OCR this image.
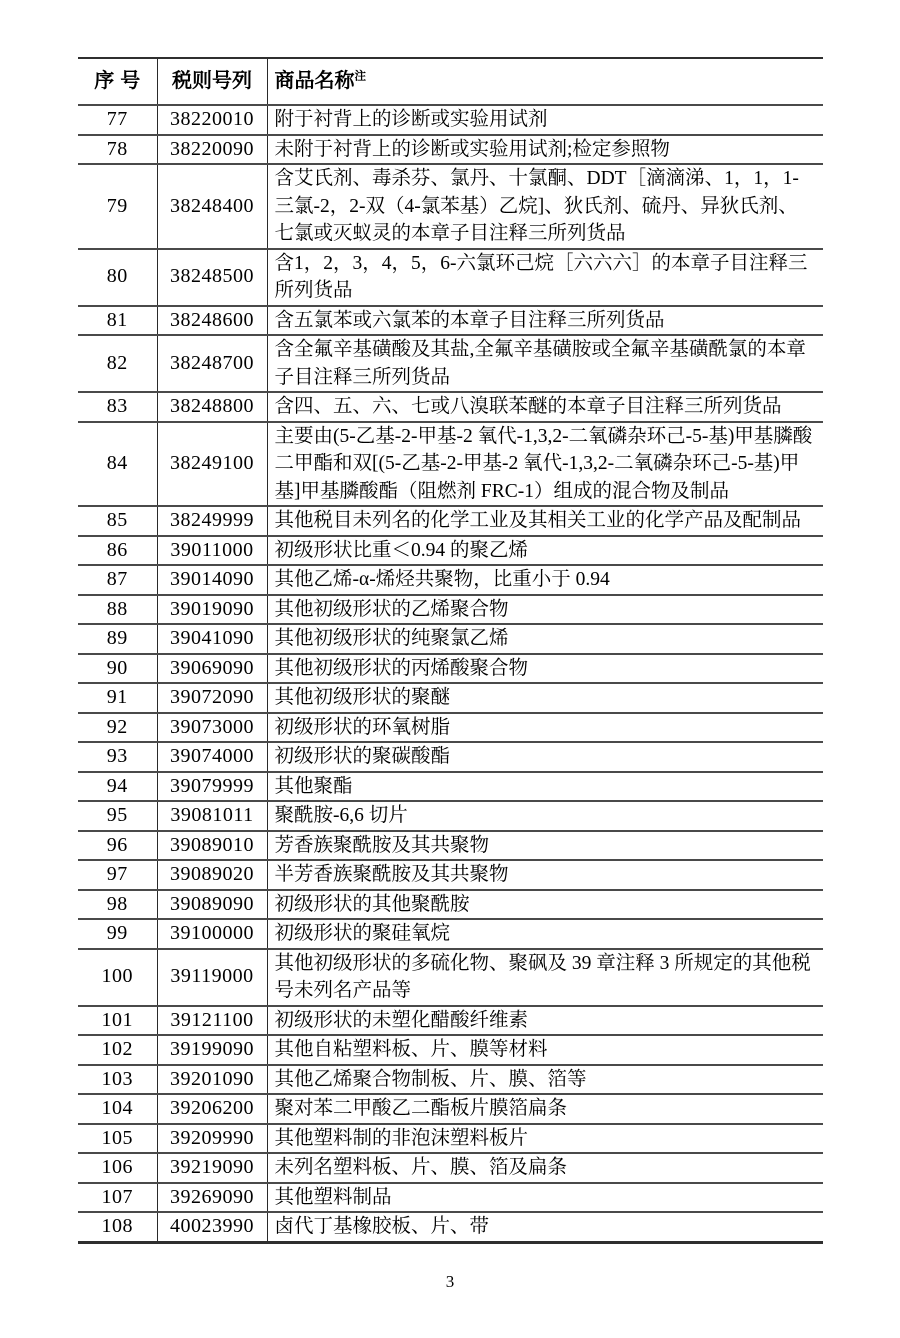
序号	税则号列	商品名称$^注$
77	38220010	附于衬背上的诊断或实验用试剂
78	38220090	未附于衬背上的诊断或实验用试剂;检定参照物
79	38248400	含艾氏剂、毒杀芬、氯丹、十氯酮、DDT［滴滴涕、1，1，1-三氯-2，2-双（4-氯苯基）乙烷]、狄氏剂、硫丹、异狄氏剂、七氯或灭蚁灵的本章子目注释三所列货品
80	38248500	含1，2，3，4，5，6-六氯环己烷［六六六］的本章子目注释三所列货品
81	38248600	含五氯苯或六氯苯的本章子目注释三所列货品
82	38248700	含全氟辛基磺酸及其盐,全氟辛基磺胺或全氟辛基磺酰氯的本章子目注释三所列货品
83	38248800	含四、五、六、七或八溴联苯醚的本章子目注释三所列货品
84	38249100	主要由(5-乙基-2-甲基-2 氧代-1,3,2-二氧磷杂环己-5-基)甲基膦酸二甲酯和双[(5-乙基-2-甲基-2 氧代-1,3,2-二氧磷杂环己-5-基)甲基]甲基膦酸酯（阻燃剂 FRC-1）组成的混合物及制品
85	38249999	其他税目未列名的化学工业及其相关工业的化学产品及配制品
86	39011000	初级形状比重＜0.94 的聚乙烯
87	39014090	其他乙烯-α-烯烃共聚物，比重小于 0.94
88	39019090	其他初级形状的乙烯聚合物
89	39041090	其他初级形状的纯聚氯乙烯
90	39069090	其他初级形状的丙烯酸聚合物
91	39072090	其他初级形状的聚醚
92	39073000	初级形状的环氧树脂
93	39074000	初级形状的聚碳酸酯
94	39079999	其他聚酯
95	39081011	聚酰胺-6,6 切片
96	39089010	芳香族聚酰胺及其共聚物
97	39089020	半芳香族聚酰胺及其共聚物
98	39089090	初级形状的其他聚酰胺
99	39100000	初级形状的聚硅氧烷
100	39119000	其他初级形状的多硫化物、聚砜及 39 章注释 3 所规定的其他税号未列名产品等
101	39121100	初级形状的未塑化醋酸纤维素
102	39199090	其他自粘塑料板、片、膜等材料
103	39201090	其他乙烯聚合物制板、片、膜、箔等
104	39206200	聚对苯二甲酸乙二酯板片膜箔扁条
105	39209990	其他塑料制的非泡沫塑料板片
106	39219090	未列名塑料板、片、膜、箔及扁条
107	39269090	其他塑料制品
108	40023990	卤代丁基橡胶板、片、带
3
